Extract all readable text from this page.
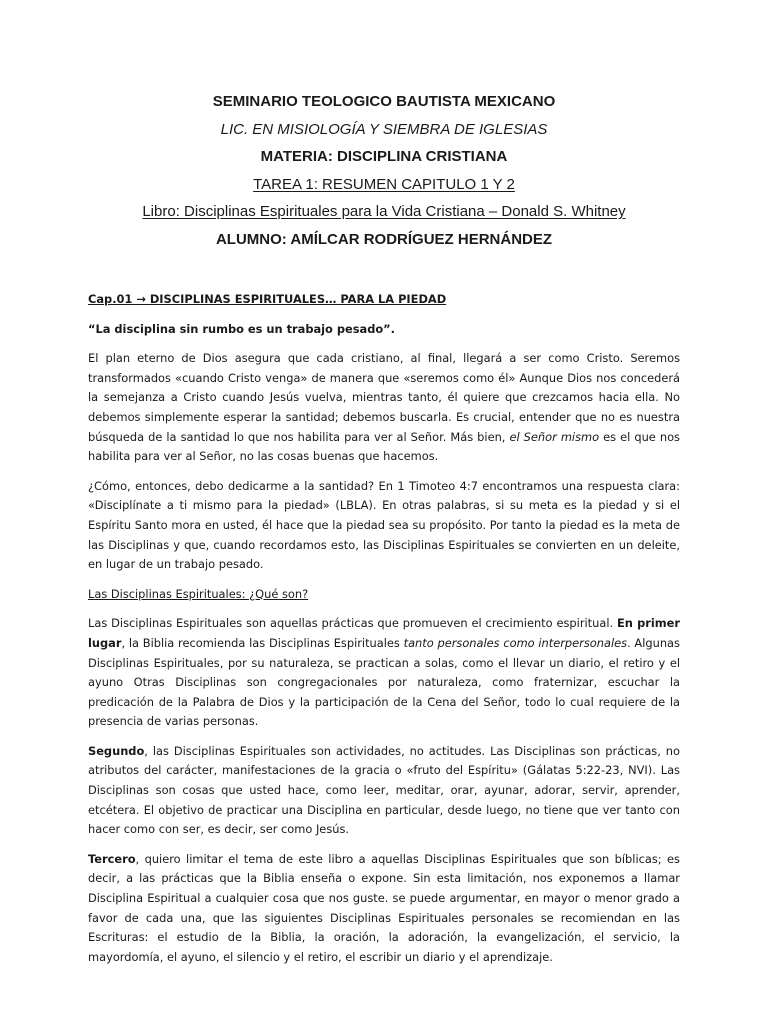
SEMINARIO TEOLOGICO BAUTISTA MEXICANO

LIC. EN MISIOLOGÍA Y SIEMBRA DE IGLESIAS

MATERIA: DISCIPLINA CRISTIANA

TAREA 1: RESUMEN CAPITULO 1 Y 2

Libro: Disciplinas Espirituales para la Vida Cristiana – Donald S. Whitney

ALUMNO: AMÍLCAR RODRÍGUEZ HERNÁNDEZ

Cap.01 → DISCIPLINAS ESPIRITUALES… PARA LA PIEDAD

“La disciplina sin rumbo es un trabajo pesado”.

El plan eterno de Dios asegura que cada cristiano, al final, llegará a ser como Cristo. Seremos transformados «cuando Cristo venga» de manera que «seremos como él» Aunque Dios nos concederá la semejanza a Cristo cuando Jesús vuelva, mientras tanto, él quiere que crezcamos hacia ella. No debemos simplemente esperar la santidad; debemos buscarla. Es crucial, entender que no es nuestra búsqueda de la santidad lo que nos habilita para ver al Señor. Más bien, el Señor mismo es el que nos habilita para ver al Señor, no las cosas buenas que hacemos.

¿Cómo, entonces, debo dedicarme a la santidad? En 1 Timoteo 4:7 encontramos una respuesta clara: «Disciplínate a ti mismo para la piedad» (LBLA). En otras palabras, si su meta es la piedad y si el Espíritu Santo mora en usted, él hace que la piedad sea su propósito. Por tanto la piedad es la meta de las Disciplinas y que, cuando recordamos esto, las Disciplinas Espirituales se convierten en un deleite, en lugar de un trabajo pesado.

Las Disciplinas Espirituales: ¿Qué son?

Las Disciplinas Espirituales son aquellas prácticas que promueven el crecimiento espiritual. En primer lugar, la Biblia recomienda las Disciplinas Espirituales tanto personales como interpersonales. Algunas Disciplinas Espirituales, por su naturaleza, se practican a solas, como el llevar un diario, el retiro y el ayuno Otras Disciplinas son congregacionales por naturaleza, como fraternizar, escuchar la predicación de la Palabra de Dios y la participación de la Cena del Señor, todo lo cual requiere de la presencia de varias personas.

Segundo, las Disciplinas Espirituales son actividades, no actitudes. Las Disciplinas son prácticas, no atributos del carácter, manifestaciones de la gracia o «fruto del Espíritu» (Gálatas 5:22-23, NVI). Las Disciplinas son cosas que usted hace, como leer, meditar, orar, ayunar, adorar, servir, aprender, etcétera. El objetivo de practicar una Disciplina en particular, desde luego, no tiene que ver tanto con hacer como con ser, es decir, ser como Jesús.

Tercero, quiero limitar el tema de este libro a aquellas Disciplinas Espirituales que son bíblicas; es decir, a las prácticas que la Biblia enseña o expone. Sin esta limitación, nos exponemos a llamar Disciplina Espiritual a cualquier cosa que nos guste. se puede argumentar, en mayor o menor grado a favor de cada una, que las siguientes Disciplinas Espirituales personales se recomiendan en las Escrituras: el estudio de la Biblia, la oración, la adoración, la evangelización, el servicio, la mayordomía, el ayuno, el silencio y el retiro, el escribir un diario y el aprendizaje.
